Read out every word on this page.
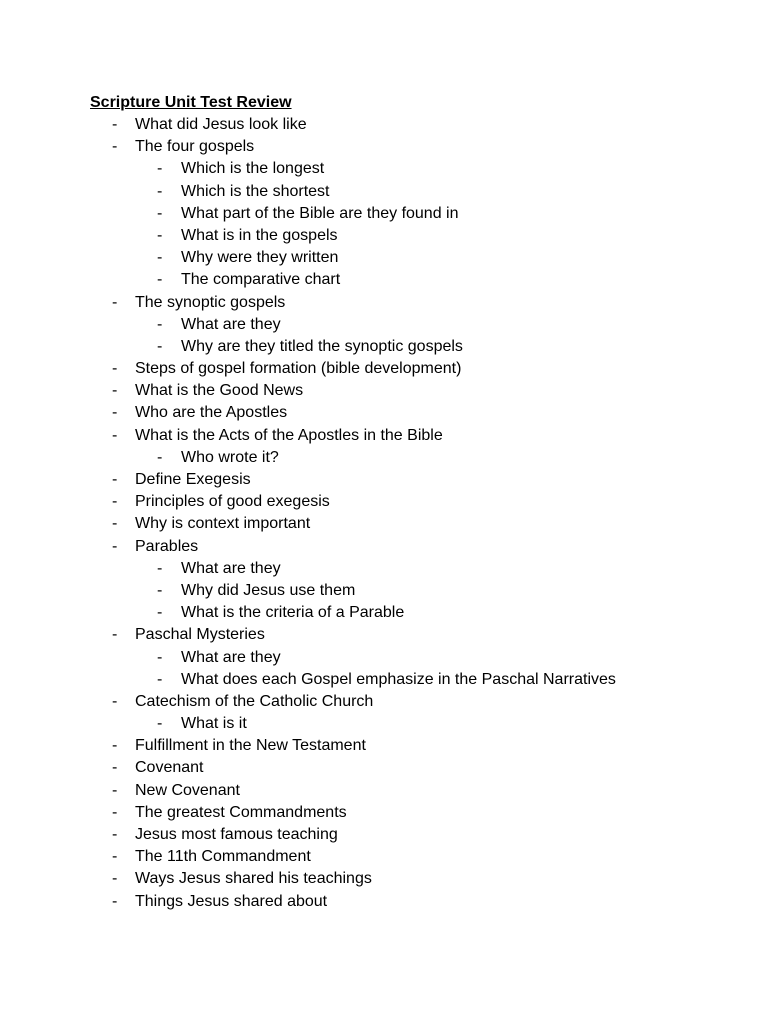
Scripture Unit Test Review
- What did Jesus look like
- The four gospels
- Which is the longest
- Which is the shortest
- What part of the Bible are they found in
- What is in the gospels
- Why were they written
- The comparative chart
- The synoptic gospels
- What are they
- Why are they titled the synoptic gospels
- Steps of gospel formation (bible development)
- What is the Good News
- Who are the Apostles
- What is the Acts of the Apostles in the Bible
- Who wrote it?
- Define Exegesis
- Principles of good exegesis
- Why is context important
- Parables
- What are they
- Why did Jesus use them
- What is the criteria of a Parable
- Paschal Mysteries
- What are they
- What does each Gospel emphasize in the Paschal Narratives
- Catechism of the Catholic Church
- What is it
- Fulfillment in the New Testament
- Covenant
- New Covenant
- The greatest Commandments
- Jesus most famous teaching
- The 11th Commandment
- Ways Jesus shared his teachings
- Things Jesus shared about
